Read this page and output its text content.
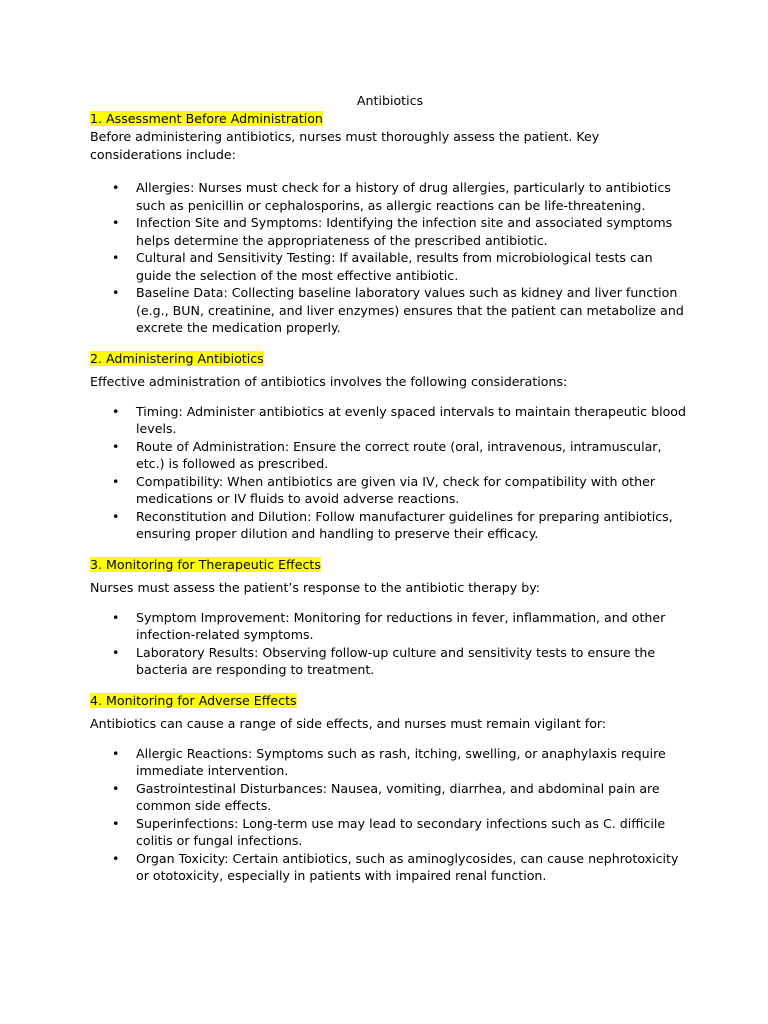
Antibiotics

1. Assessment Before Administration

Before administering antibiotics, nurses must thoroughly assess the patient. Key considerations include:

• Allergies: Nurses must check for a history of drug allergies, particularly to antibiotics such as penicillin or cephalosporins, as allergic reactions can be life-threatening.
• Infection Site and Symptoms: Identifying the infection site and associated symptoms helps determine the appropriateness of the prescribed antibiotic.
• Cultural and Sensitivity Testing: If available, results from microbiological tests can guide the selection of the most effective antibiotic.
• Baseline Data: Collecting baseline laboratory values such as kidney and liver function (e.g., BUN, creatinine, and liver enzymes) ensures that the patient can metabolize and excrete the medication properly.

2. Administering Antibiotics

Effective administration of antibiotics involves the following considerations:

• Timing: Administer antibiotics at evenly spaced intervals to maintain therapeutic blood levels.
• Route of Administration: Ensure the correct route (oral, intravenous, intramuscular, etc.) is followed as prescribed.
• Compatibility: When antibiotics are given via IV, check for compatibility with other medications or IV fluids to avoid adverse reactions.
• Reconstitution and Dilution: Follow manufacturer guidelines for preparing antibiotics, ensuring proper dilution and handling to preserve their efficacy.

3. Monitoring for Therapeutic Effects

Nurses must assess the patient’s response to the antibiotic therapy by:

• Symptom Improvement: Monitoring for reductions in fever, inflammation, and other infection-related symptoms.
• Laboratory Results: Observing follow-up culture and sensitivity tests to ensure the bacteria are responding to treatment.

4. Monitoring for Adverse Effects

Antibiotics can cause a range of side effects, and nurses must remain vigilant for:

• Allergic Reactions: Symptoms such as rash, itching, swelling, or anaphylaxis require immediate intervention.
• Gastrointestinal Disturbances: Nausea, vomiting, diarrhea, and abdominal pain are common side effects.
• Superinfections: Long-term use may lead to secondary infections such as C. difficile colitis or fungal infections.
• Organ Toxicity: Certain antibiotics, such as aminoglycosides, can cause nephrotoxicity or ototoxicity, especially in patients with impaired renal function.
